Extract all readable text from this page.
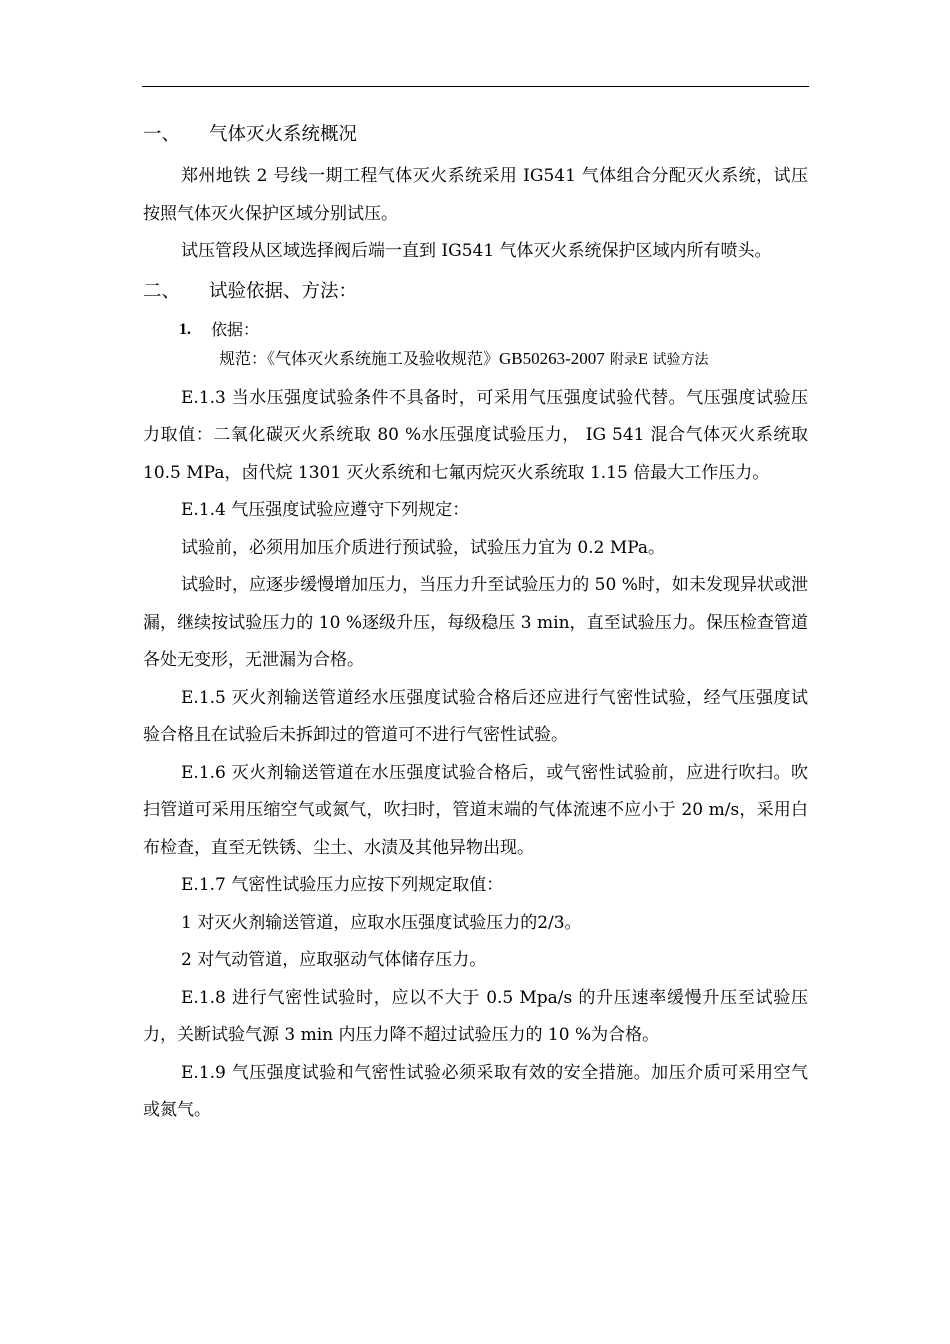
一、	气体灭火系统概况

郑州地铁 2 号线一期工程气体灭火系统采用 IG541 气体组合分配灭火系统，试压按照气体灭火保护区域分别试压。

试压管段从区域选择阀后端一直到 IG541 气体灭火系统保护区域内所有喷头。

二、	试验依据、方法：
1.	依据：
规范：《气体灭火系统施工及验收规范》GB50263-2007 附录E 试验方法

E.1.3 当水压强度试验条件不具备时，可采用气压强度试验代替。气压强度试验压力取值：二氧化碳灭火系统取 80 %水压强度试验压力， IG 541 混合气体灭火系统取 10.5 MPa，卤代烷 1301 灭火系统和七氟丙烷灭火系统取 1.15 倍最大工作压力。

E.1.4 气压强度试验应遵守下列规定：

试验前，必须用加压介质进行预试验，试验压力宜为 0.2 MPa。

试验时，应逐步缓慢增加压力，当压力升至试验压力的 50 %时，如未发现异状或泄漏，继续按试验压力的 10 %逐级升压，每级稳压 3 min，直至试验压力。保压检查管道各处无变形，无泄漏为合格。

E.1.5 灭火剂输送管道经水压强度试验合格后还应进行气密性试验，经气压强度试验合格且在试验后未拆卸过的管道可不进行气密性试验。

E.1.6 灭火剂输送管道在水压强度试验合格后，或气密性试验前，应进行吹扫。吹扫管道可采用压缩空气或氮气，吹扫时，管道末端的气体流速不应小于 20 m/s，采用白布检查，直至无铁锈、尘土、水渍及其他异物出现。

E.1.7 气密性试验压力应按下列规定取值：

1 对灭火剂输送管道，应取水压强度试验压力的2/3。

2 对气动管道，应取驱动气体储存压力。

E.1.8 进行气密性试验时，应以不大于 0.5 Mpa/s 的升压速率缓慢升压至试验压力，关断试验气源 3 min 内压力降不超过试验压力的 10 %为合格。

E.1.9 气压强度试验和气密性试验必须采取有效的安全措施。加压介质可采用空气或氮气。
